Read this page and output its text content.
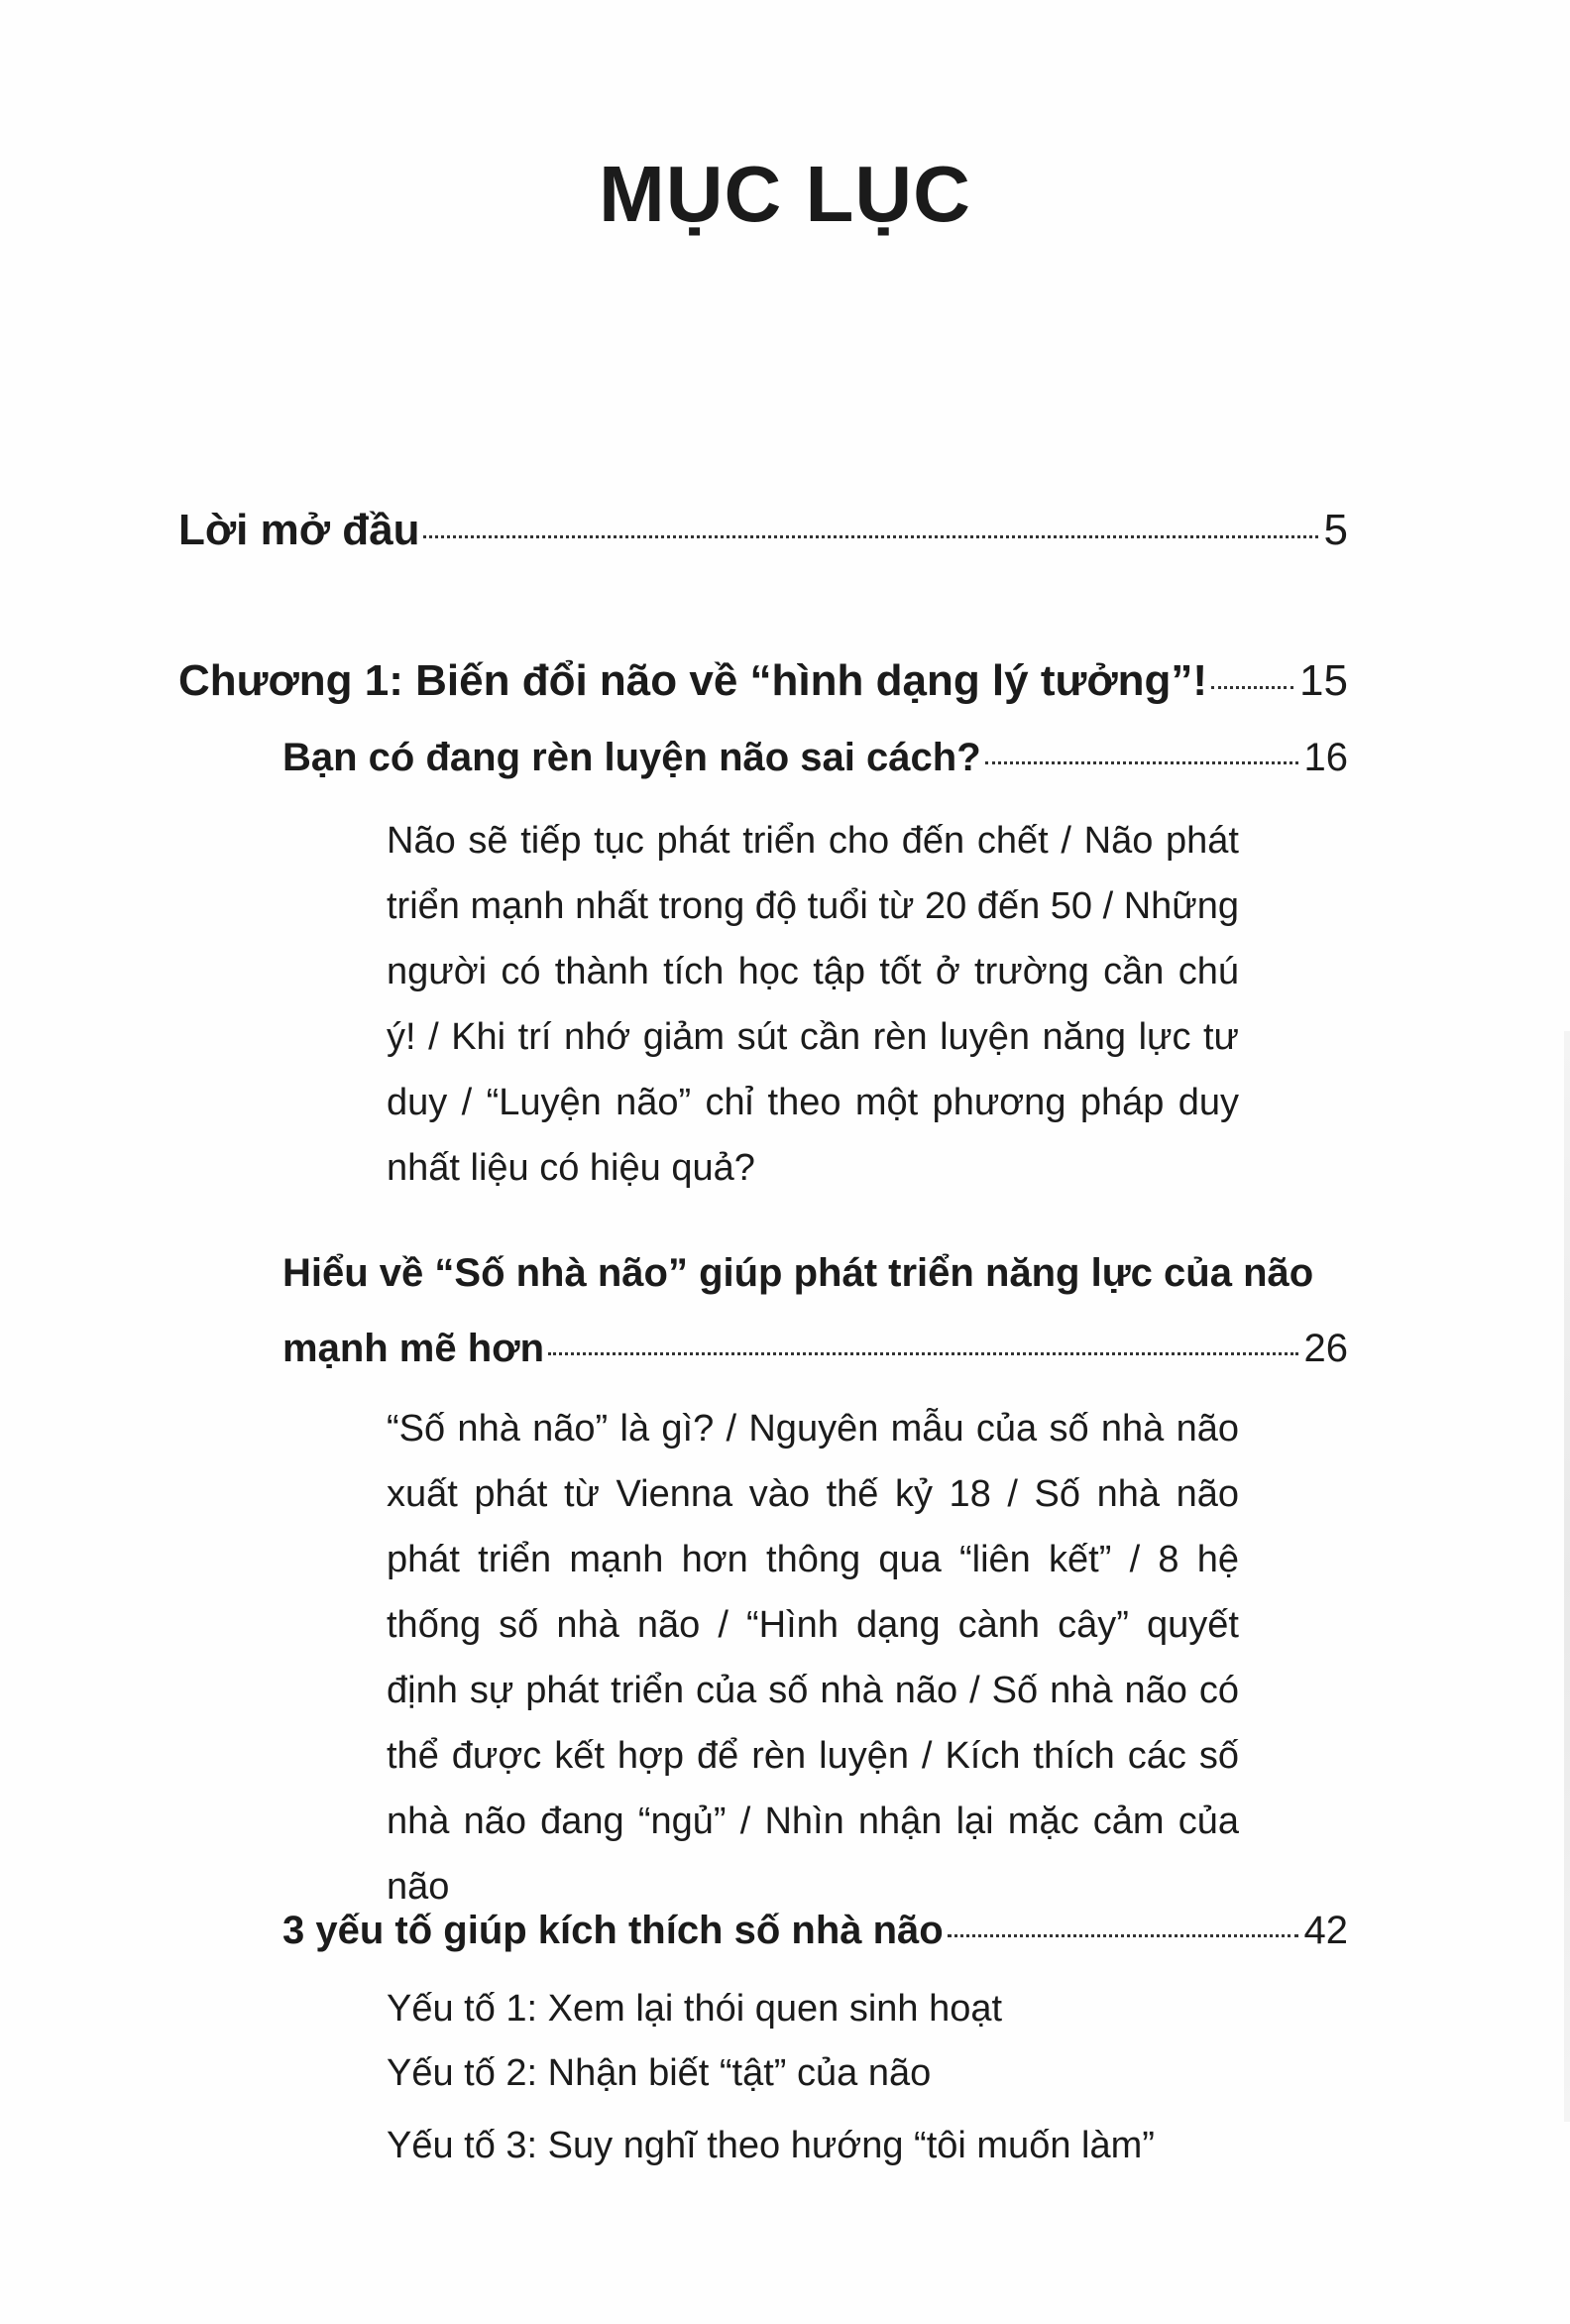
MỤC LỤC
Lời mở đầu	5
Chương 1: Biến đổi não về “hình dạng lý tưởng”! 15
Bạn có đang rèn luyện não sai cách?	16

Não sẽ tiếp tục phát triển cho đến chết / Não phát triển mạnh nhất trong độ tuổi từ 20 đến 50 / Những người có thành tích học tập tốt ở trường cần chú ý! / Khi trí nhớ giảm sút cần rèn luyện năng lực tư duy / “Luyện não” chỉ theo một phương pháp duy nhất liệu có hiệu quả?

Hiểu về “Số nhà não” giúp phát triển năng lực của não
mạnh mẽ hơn	26

“Số nhà não” là gì? / Nguyên mẫu của số nhà não xuất phát từ Vienna vào thế kỷ 18 / Số nhà não phát triển mạnh hơn thông qua “liên kết” / 8 hệ thống số nhà não / “Hình dạng cành cây” quyết định sự phát triển của số nhà não / Số nhà não có thể được kết hợp để rèn luyện / Kích thích các số nhà não đang “ngủ” / Nhìn nhận lại mặc cảm của não

3 yếu tố giúp kích thích số nhà não	42

Yếu tố 1: Xem lại thói quen sinh hoạt

Yếu tố 2: Nhận biết “tật” của não

Yếu tố 3: Suy nghĩ theo hướng “tôi muốn làm”
